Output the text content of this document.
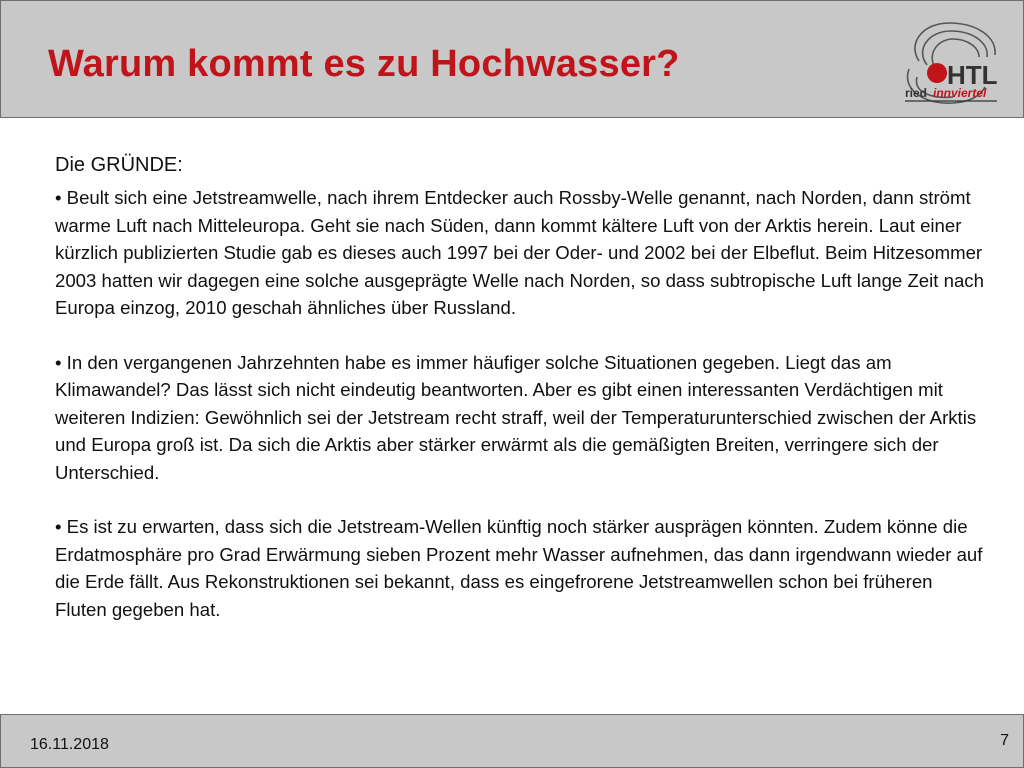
Warum kommt es zu Hochwasser?	HTL
ried innviertel

Die GRÜNDE:

• Beult sich eine Jetstreamwelle, nach ihrem Entdecker auch Rossby-Welle genannt, nach Norden, dann strömt warme Luft nach Mitteleuropa. Geht sie nach Süden, dann kommt kältere Luft von der Arktis herein. Laut einer kürzlich publizierten Studie gab es dieses auch 1997 bei der Oder- und 2002 bei der Elbeflut. Beim Hitzesommer 2003 hatten wir dagegen eine solche ausgeprägte Welle nach Norden, so dass subtropische Luft lange Zeit nach Europa einzog, 2010 geschah ähnliches über Russland.

• In den vergangenen Jahrzehnten habe es immer häufiger solche Situationen gegeben. Liegt das am Klimawandel? Das lässt sich nicht eindeutig beantworten. Aber es gibt einen interessanten Verdächtigen mit weiteren Indizien: Gewöhnlich sei der Jetstream recht straff, weil der Temperaturunterschied zwischen der Arktis und Europa groß ist. Da sich die Arktis aber stärker erwärmt als die gemäßigten Breiten, verringere sich der Unterschied.

• Es ist zu erwarten, dass sich die Jetstream-Wellen künftig noch stärker ausprägen könnten. Zudem könne die Erdatmosphäre pro Grad Erwärmung sieben Prozent mehr Wasser aufnehmen, das dann irgendwann wieder auf die Erde fällt. Aus Rekonstruktionen sei bekannt, dass es eingefrorene Jetstreamwellen schon bei früheren Fluten gegeben hat.

16.11.2018	7
